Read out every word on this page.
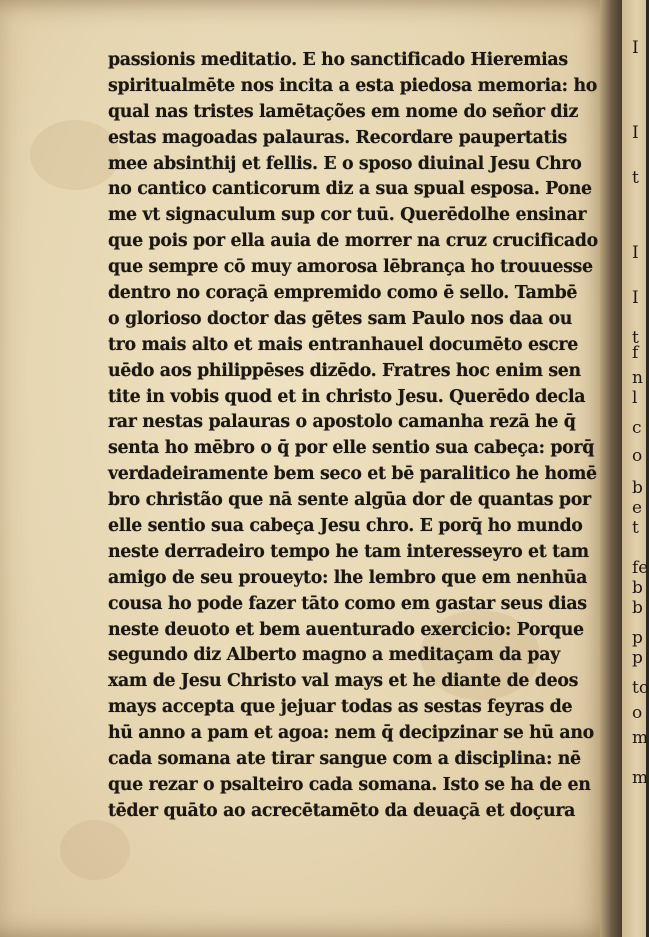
passionis meditatio. E ho sanctificado Hieremias
spiritualmēte nos incita a esta piedosa memoria: ho
qual nas tristes lamētações em nome do señor diz
estas magoadas palauras. Recordare paupertatis
mee absinthij et fellis. E o sposo diuinal Jesu Chro
no cantico canticorum diz a sua spual esposa. Pone
me vt signaculum sup cor tuū. Querēdolhe ensinar
que pois por ella auia de morrer na cruz crucificado
que sempre cō muy amorosa lēbrança ho trouuesse
dentro no coraçā empremido como ē sello. Tambē
o glorioso doctor das gētes sam Paulo nos daa ou
tro mais alto et mais entranhauel documēto escre
uēdo aos philippēses dizēdo. Fratres hoc enim sen
tite in vobis quod et in christo Jesu. Querēdo decla
rar nestas palauras o apostolo camanha rezā he q̄
senta ho mēbro o q̄ por elle sentio sua cabeça: porq̄
verdadeiramente bem seco et bē paralitico he homē
bro christão que nā sente algūa dor de quantas por
elle sentio sua cabeça Jesu chro. E porq̄ ho mundo
neste derradeiro tempo he tam interesseyro et tam
amigo de seu proueyto: lhe lembro que em nenhūa
cousa ho pode fazer tāto como em gastar seus dias
neste deuoto et bem auenturado exercicio: Porque
segundo diz Alberto magno a meditaçam da pay
xam de Jesu Christo val mays et he diante de deos
mays accepta que jejuar todas as sestas feyras de
hū anno a pam et agoa: nem q̄ decipzinar se hū ano
cada somana ate tirar sangue com a disciplina: nē
que rezar o psalteiro cada somana. Isto se ha de en
tēder quāto ao acrecētamēto da deuaçā et doçura
I
I
t
I
I
t
f
n
l
c
o
b
e
t
fe
b
b
p
p
to
o
m
m
